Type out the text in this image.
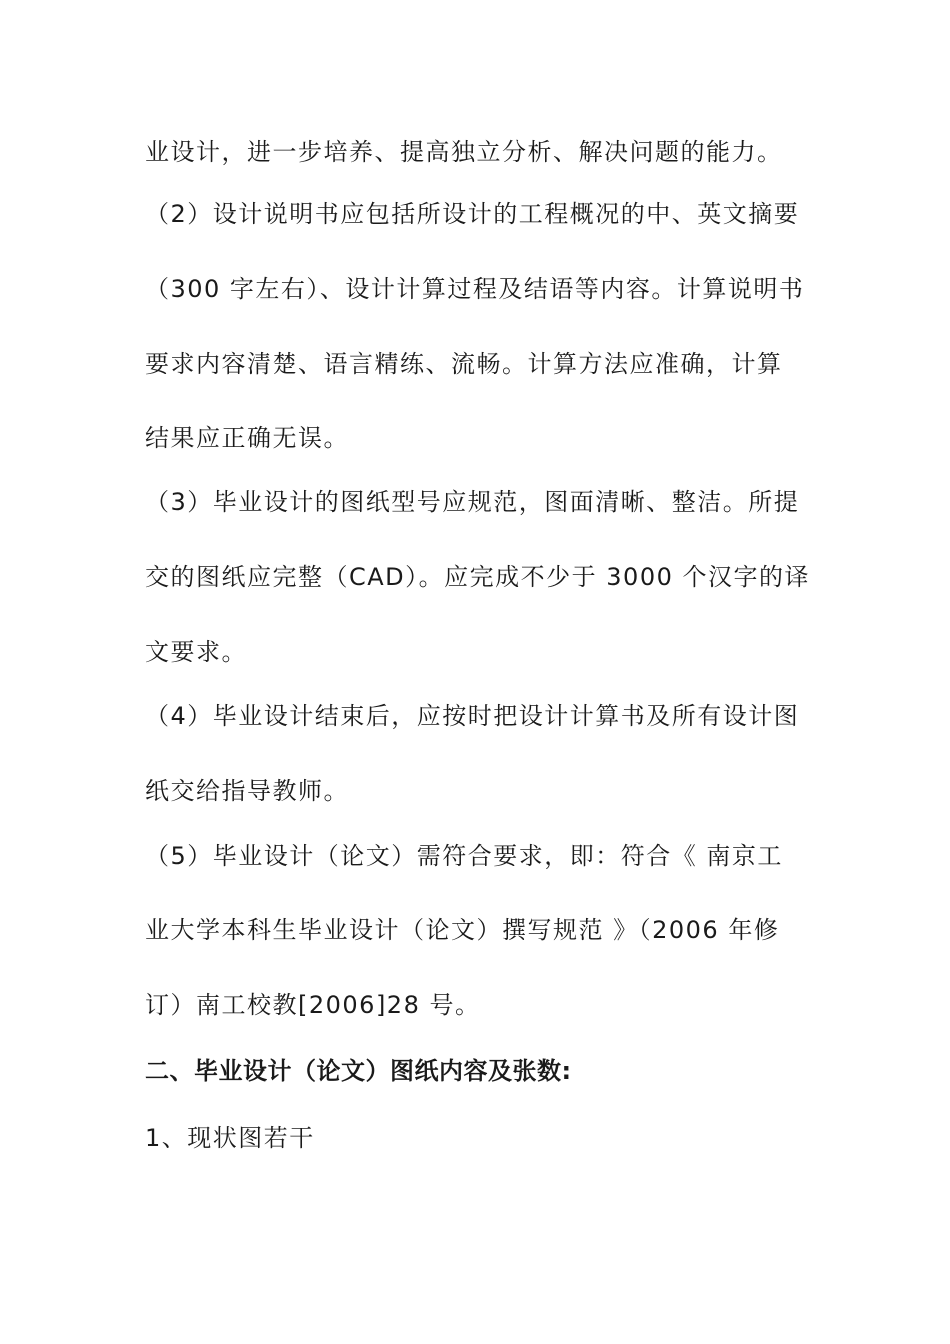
业设计，进一步培养、提高独立分析、解决问题的能力。
（2）设计说明书应包括所设计的工程概况的中、英文摘要
（300 字左右）、设计计算过程及结语等内容。计算说明书
要求内容清楚、语言精练、流畅。计算方法应准确，计算
结果应正确无误。
（3）毕业设计的图纸型号应规范，图面清晰、整洁。所提
交的图纸应完整（CAD）。应完成不少于 3000 个汉字的译
文要求。
（4）毕业设计结束后，应按时把设计计算书及所有设计图
纸交给指导教师。
（5）毕业设计（论文）需符合要求，即：符合《 南京工
业大学本科生毕业设计（论文）撰写规范 》（2006 年修
订）南工校教[2006]28 号。
二、毕业设计（论文）图纸内容及张数:
1、现状图若干
